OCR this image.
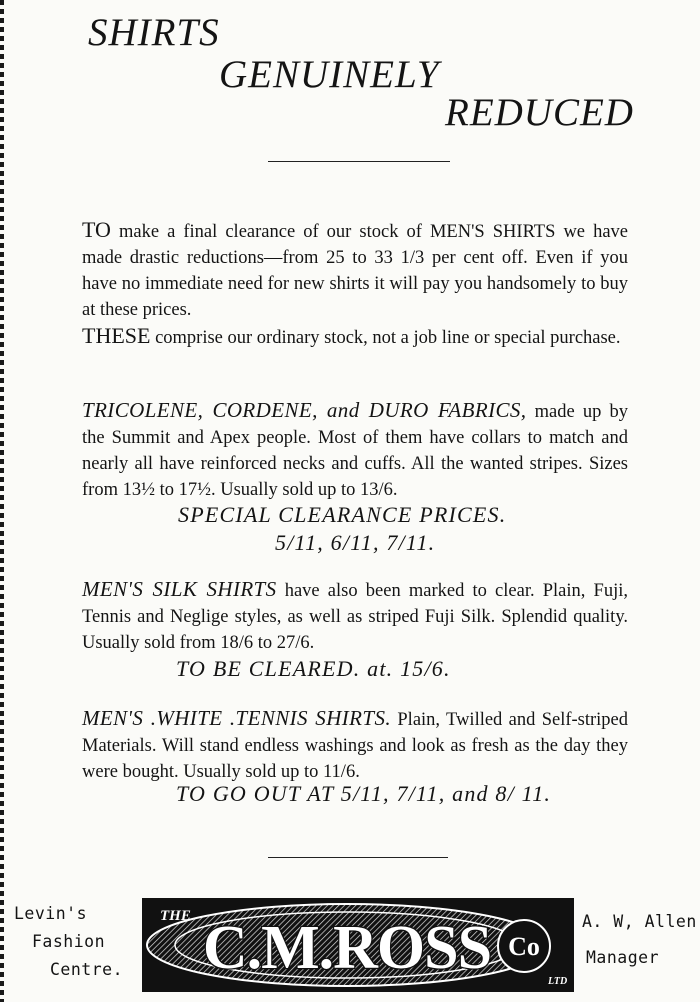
SHIRTS
GENUINELY
REDUCED
TO make a final clearance of our stock of MEN'S SHIRTS we have made drastic reductions—from 25 to 33 1/3 per cent off. Even if you have no immediate need for new shirts it will pay you handsomely to buy at these prices.
THESE comprise our ordinary stock, not a job line or special purchase.
TRICOLENE, CORDENE, and DURO FABRICS, made up by the Summit and Apex people. Most of them have collars to match and nearly all have reinforced necks and cuffs. All the wanted stripes. Sizes from 13½ to 17½. Usually sold up to 13/6.
SPECIAL CLEARANCE PRICES.
5/11, 6/11, 7/11.
MEN'S SILK SHIRTS have also been marked to clear. Plain, Fuji, Tennis and Neglige styles, as well as striped Fuji Silk. Splendid quality. Usually sold from 18/6 to 27/6.
TO BE CLEARED. at. 15/6.
MEN'S .WHITE .TENNIS SHIRTS. Plain, Twilled and Self-striped Materials. Will stand endless washings and look as fresh as the day they were bought. Usually sold up to 11/6.
TO GO OUT AT 5/11, 7/11, and 8/ 11.
Levin's
Fashion
Centre.
THE C.M.ROSS Co
LTD
A. W, Allen
Manager
